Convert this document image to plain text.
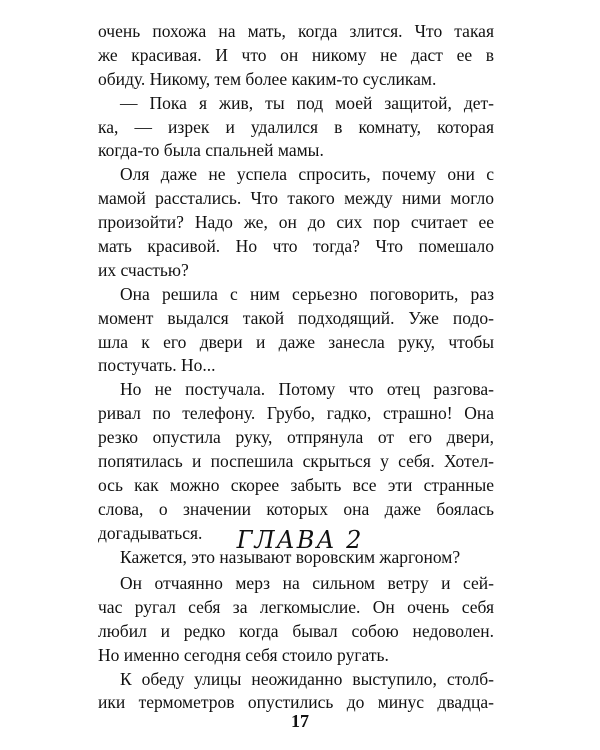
очень похожа на мать, когда злится. Что такая
же красивая. И что он никому не даст ее в
обиду. Никому, тем более каким-то сусликам.
— Пока я жив, ты под моей защитой, дет-
ка, — изрек и удалился в комнату, которая
когда-то была спальней мамы.
Оля даже не успела спросить, почему они с
мамой расстались. Что такого между ними могло
произойти? Надо же, он до сих пор считает ее
мать красивой. Но что тогда? Что помешало
их счастью?
Она решила с ним серьезно поговорить, раз
момент выдался такой подходящий. Уже подо-
шла к его двери и даже занесла руку, чтобы
постучать. Но...
Но не постучала. Потому что отец разгова-
ривал по телефону. Грубо, гадко, страшно! Она
резко опустила руку, отпрянула от его двери,
попятилась и поспешила скрыться у себя. Хотел-
ось как можно скорее забыть все эти странные
слова, о значении которых она даже боялась
догадываться.
Кажется, это называют воровским жаргоном?
ГЛАВА 2
Он отчаянно мерз на сильном ветру и сей-
час ругал себя за легкомыслие. Он очень себя
любил и редко когда бывал собою недоволен.
Но именно сегодня себя стоило ругать.
К обеду улицы неожиданно выступило, столб-
ики термометров опустились до минус двадца-
17
